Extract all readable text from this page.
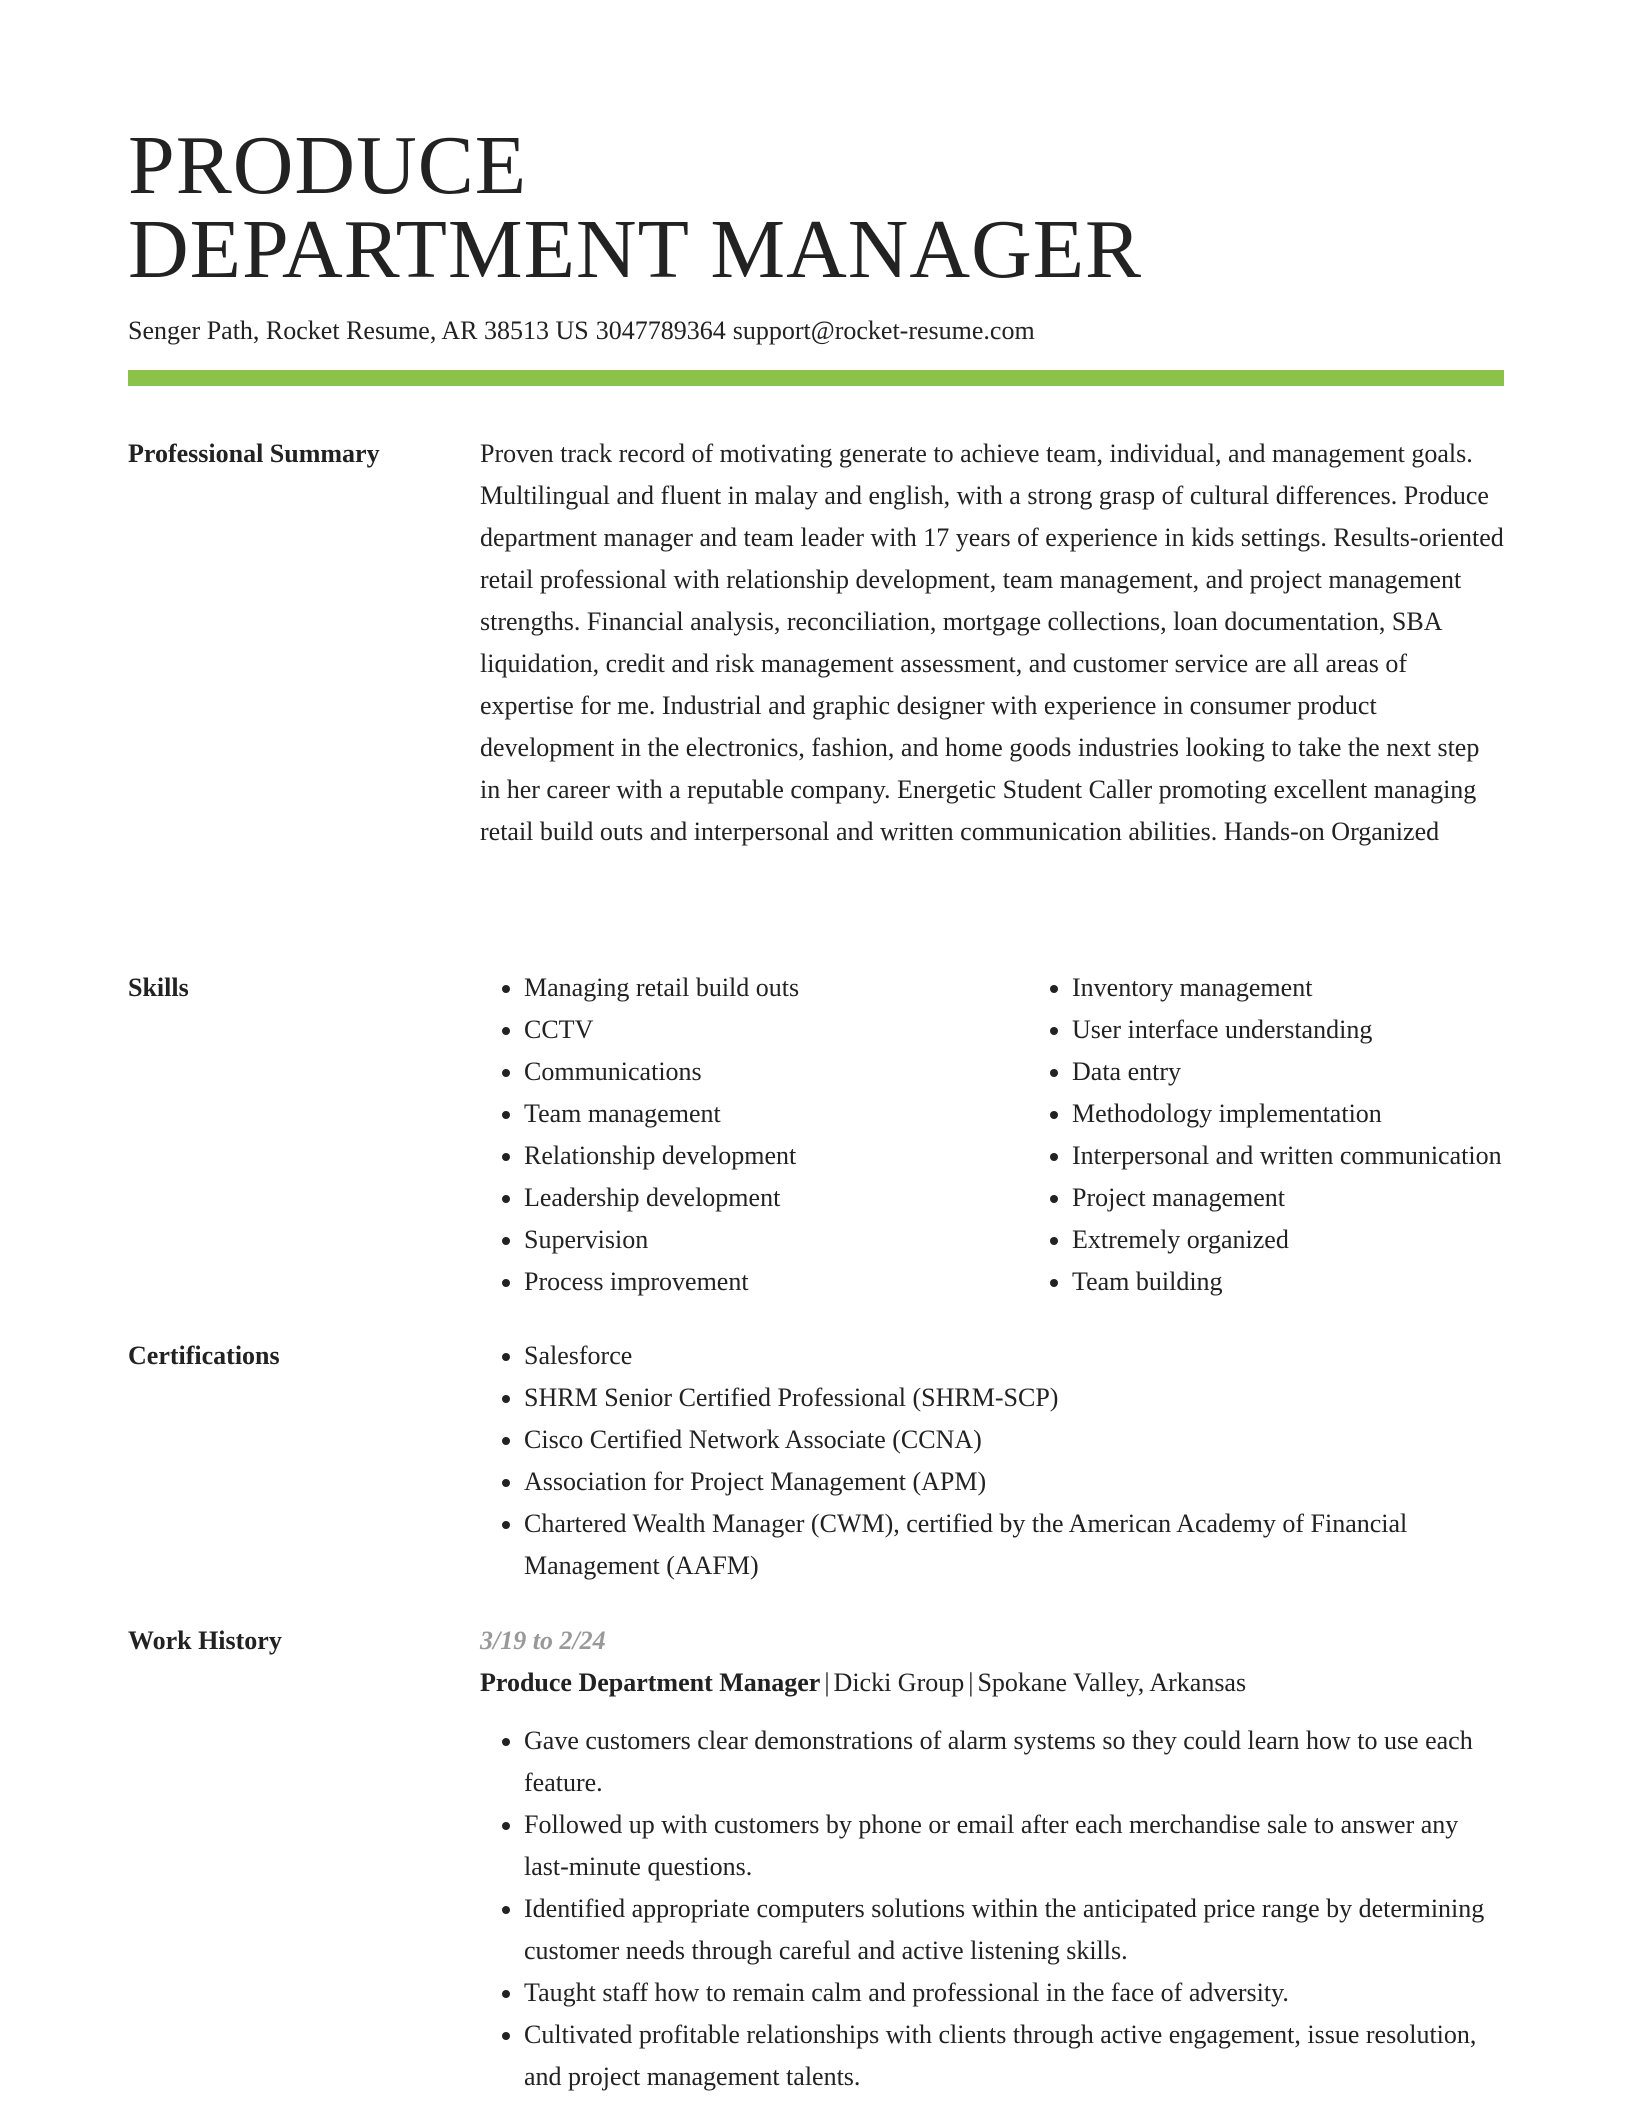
PRODUCE
DEPARTMENT MANAGER
Senger Path, Rocket Resume, AR 38513 US 3047789364 support@rocket-resume.com
Professional Summary	Proven track record of motivating generate to achieve team, individual, and management goals. Multilingual and fluent in malay and english, with a strong grasp of cultural differences. Produce department manager and team leader with 17 years of experience in kids settings. Results-oriented retail professional with relationship development, team management, and project management strengths. Financial analysis, reconciliation, mortgage collections, loan documentation, SBA liquidation, credit and risk management assessment, and customer service are all areas of expertise for me. Industrial and graphic designer with experience in consumer product development in the electronics, fashion, and home goods industries looking to take the next step in her career with a reputable company. Energetic Student Caller promoting excellent managing retail build outs and interpersonal and written communication abilities. Hands-on Organized
Skills	• Managing retail build outs
• CCTV
• Communications
• Team management
• Relationship development
• Leadership development
• Supervision
• Process improvement
• Inventory management
• User interface understanding
• Data entry
• Methodology implementation
• Interpersonal and written communication
• Project management
• Extremely organized
• Team building
Certifications	• Salesforce
• SHRM Senior Certified Professional (SHRM-SCP)
• Cisco Certified Network Associate (CCNA)
• Association for Project Management (APM)
• Chartered Wealth Manager (CWM), certified by the American Academy of Financial Management (AAFM)
Work History	3/19 to 2/24
Produce Department Manager | Dicki Group | Spokane Valley, Arkansas
• Gave customers clear demonstrations of alarm systems so they could learn how to use each feature.
• Followed up with customers by phone or email after each merchandise sale to answer any last-minute questions.
• Identified appropriate computers solutions within the anticipated price range by determining customer needs through careful and active listening skills.
• Taught staff how to remain calm and professional in the face of adversity.
• Cultivated profitable relationships with clients through active engagement, issue resolution, and project management talents.
